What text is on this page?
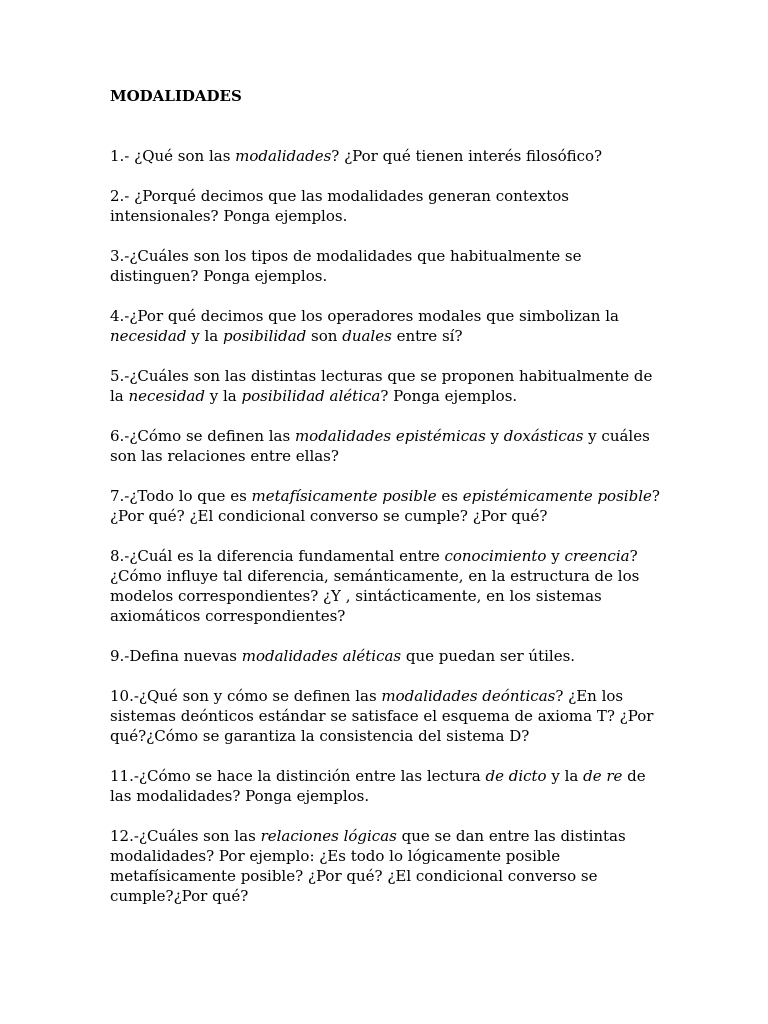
MODALIDADES
1.- ¿Qué son las modalidades? ¿Por qué tienen interés filosófico?
2.- ¿Porqué decimos que las modalidades generan contextos
intensionales? Ponga ejemplos.
3.-¿Cuáles son los tipos de modalidades que habitualmente se
distinguen? Ponga ejemplos.
4.-¿Por qué decimos que los operadores modales que simbolizan la
necesidad y la posibilidad son duales entre sí?
5.-¿Cuáles son las distintas lecturas que se proponen habitualmente de
la necesidad y la posibilidad alética? Ponga ejemplos.
6.-¿Cómo se definen las modalidades epistémicas y doxásticas y cuáles
son las relaciones entre ellas?
7.-¿Todo lo que es metafísicamente posible es epistémicamente posible?
¿Por qué? ¿El condicional converso se cumple? ¿Por qué?
8.-¿Cuál es la diferencia fundamental entre conocimiento y creencia?
¿Cómo influye tal diferencia, semánticamente, en la estructura de los
modelos correspondientes? ¿Y , sintácticamente, en los sistemas
axiomáticos correspondientes?
9.-Defina nuevas modalidades aléticas que puedan ser útiles.
10.-¿Qué son y cómo se definen las modalidades deónticas? ¿En los
sistemas deónticos estándar se satisface el esquema de axioma T? ¿Por
qué?¿Cómo se garantiza la consistencia del sistema D?
11.-¿Cómo se hace la distinción entre las lectura de dicto y la de re de
las modalidades? Ponga ejemplos.
12.-¿Cuáles son las relaciones lógicas que se dan entre las distintas
modalidades? Por ejemplo: ¿Es todo lo lógicamente posible
metafísicamente posible? ¿Por qué? ¿El condicional converso se
cumple?¿Por qué?
